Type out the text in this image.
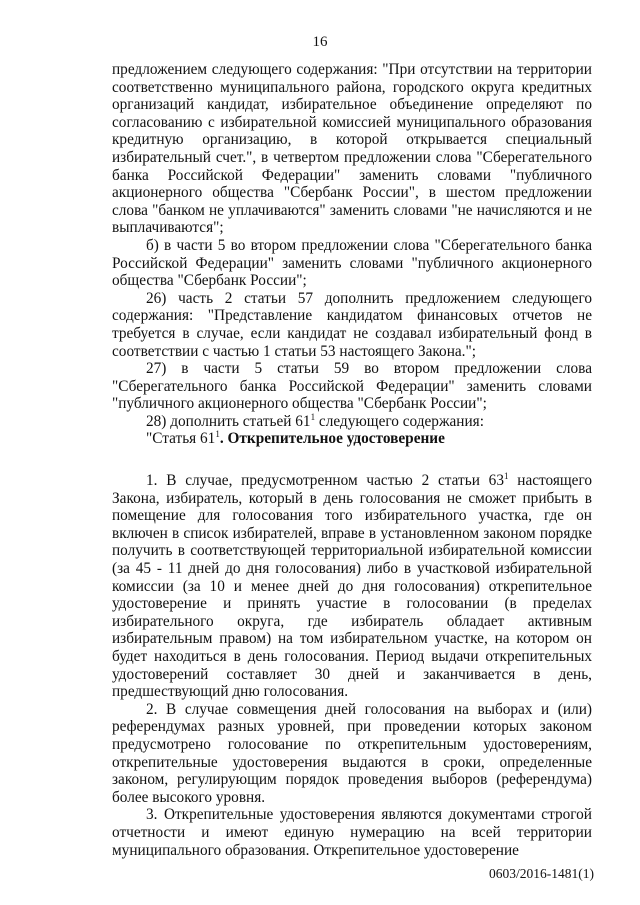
16

предложением следующего содержания: "При отсутствии на территории соответственно муниципального района, городского округа кредитных организаций кандидат, избирательное объединение определяют по согласованию с избирательной комиссией муниципального образования кредитную организацию, в которой открывается специальный избирательный счет.", в четвертом предложении слова "Сберегательного банка Российской Федерации" заменить словами "публичного акционерного общества "Сбербанк России", в шестом предложении слова "банком не уплачиваются" заменить словами "не начисляются и не выплачиваются";

б) в части 5 во втором предложении слова "Сберегательного банка Российской Федерации" заменить словами "публичного акционерного общества "Сбербанк России";

26) часть 2 статьи 57 дополнить предложением следующего содержания: "Представление кандидатом финансовых отчетов не требуется в случае, если кандидат не создавал избирательный фонд в соответствии с частью 1 статьи 53 настоящего Закона.";

27) в части 5 статьи 59 во втором предложении слова "Сберегательного банка Российской Федерации" заменить словами "публичного акционерного общества "Сбербанк России";

28) дополнить статьей $61^1$ следующего содержания:

"Статья $61^1$. Открепительное удостоверение

1. В случае, предусмотренном частью 2 статьи $63^1$ настоящего Закона, избиратель, который в день голосования не сможет прибыть в помещение для голосования того избирательного участка, где он включен в список избирателей, вправе в установленном законом порядке получить в соответствующей территориальной избирательной комиссии (за 45 - 11 дней до дня голосования) либо в участковой избирательной комиссии (за 10 и менее дней до дня голосования) открепительное удостоверение и принять участие в голосовании (в пределах избирательного округа, где избиратель обладает активным избирательным правом) на том избирательном участке, на котором он будет находиться в день голосования. Период выдачи открепительных удостоверений составляет 30 дней и заканчивается в день, предшествующий дню голосования.

2. В случае совмещения дней голосования на выборах и (или) референдумах разных уровней, при проведении которых законом предусмотрено голосование по открепительным удостоверениям, открепительные удостоверения выдаются в сроки, определенные законом, регулирующим порядок проведения выборов (референдума) более высокого уровня.

3. Открепительные удостоверения являются документами строгой отчетности и имеют единую нумерацию на всей территории муниципального образования. Открепительное удостоверение

0603/2016-1481(1)
